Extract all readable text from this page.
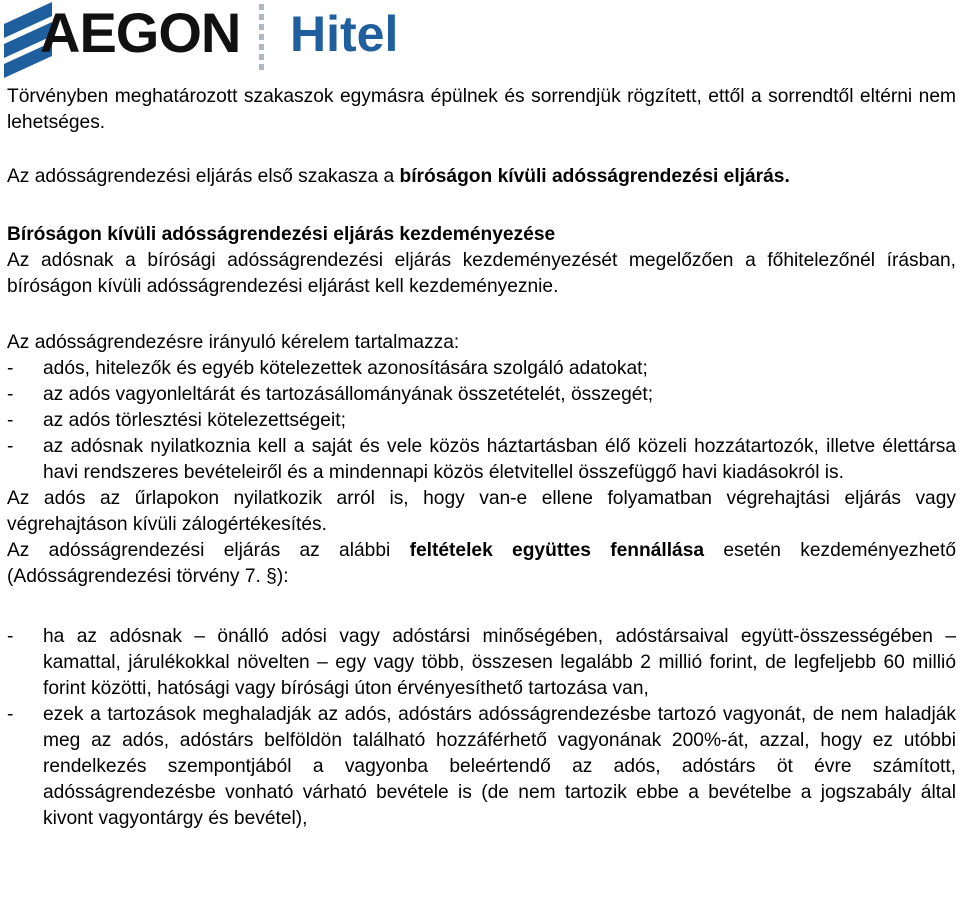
AEGON Hitel

Törvényben meghatározott szakaszok egymásra épülnek és sorrendjük rögzített, ettől a sorrendtől eltérni nem lehetséges.

Az adósságrendezési eljárás első szakasza a bíróságon kívüli adósságrendezési eljárás.

Bíróságon kívüli adósságrendezési eljárás kezdeményezése

Az adósnak a bírósági adósságrendezési eljárás kezdeményezését megelőzően a főhitelezőnél írásban, bíróságon kívüli adósságrendezési eljárást kell kezdeményeznie.

Az adósságrendezésre irányuló kérelem tartalmazza:

- adós, hitelezők és egyéb kötelezettek azonosítására szolgáló adatokat;
- az adós vagyonleltárát és tartozásállományának összetételét, összegét;
- az adós törlesztési kötelezettségeit;
- az adósnak nyilatkoznia kell a saját és vele közös háztartásban élő közeli hozzátartozók, illetve élettársa havi rendszeres bevételeiről és a mindennapi közös életvitellel összefüggő havi kiadásokról is.

Az adós az űrlapokon nyilatkozik arról is, hogy van-e ellene folyamatban végrehajtási eljárás vagy végrehajtáson kívüli zálogértékesítés.

Az adósságrendezési eljárás az alábbi feltételek együttes fennállása esetén kezdeményezhető (Adósságrendezési törvény 7. §):

- ha az adósnak – önálló adósi vagy adóstársi minőségében, adóstársaival együtt-összességében – kamattal, járulékokkal növelten – egy vagy több, összesen legalább 2 millió forint, de legfeljebb 60 millió forint közötti, hatósági vagy bírósági úton érvényesíthető tartozása van,
- ezek a tartozások meghaladják az adós, adóstárs adósságrendezésbe tartozó vagyonát, de nem haladják meg az adós, adóstárs belföldön található hozzáférhető vagyonának 200%-át, azzal, hogy ez utóbbi rendelkezés szempontjából a vagyonba beleértendő az adós, adóstárs öt évre számított, adósságrendezésbe vonható várható bevétele is (de nem tartozik ebbe a bevételbe a jogszabály által kivont vagyontárgy és bevétel),
